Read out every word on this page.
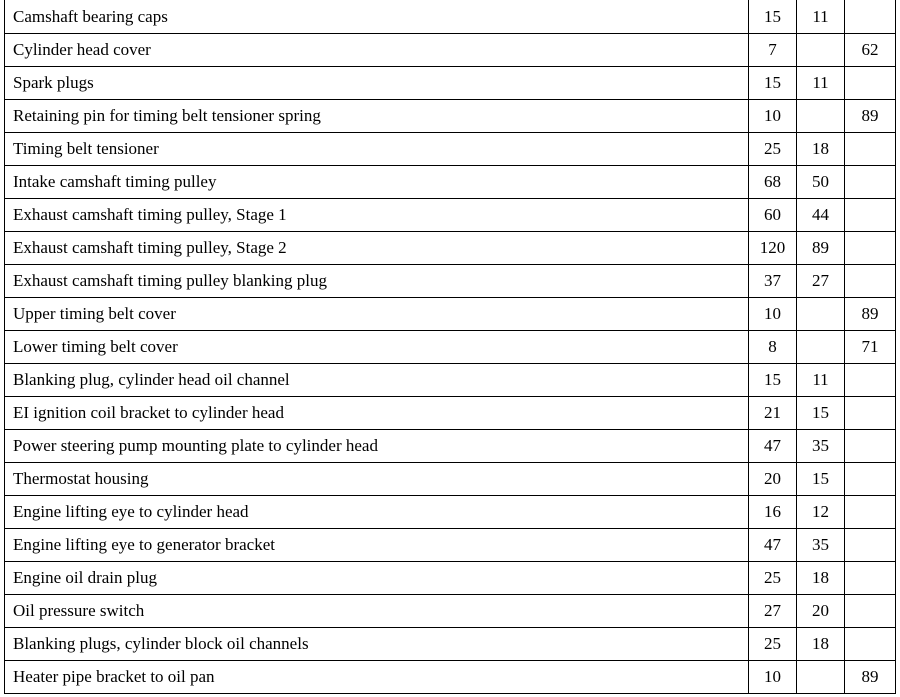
Camshaft bearing caps	15	11	
Cylinder head cover	7		62
Spark plugs	15	11	
Retaining pin for timing belt tensioner spring	10		89
Timing belt tensioner	25	18	
Intake camshaft timing pulley	68	50	
Exhaust camshaft timing pulley, Stage 1	60	44	
Exhaust camshaft timing pulley, Stage 2	120	89	
Exhaust camshaft timing pulley blanking plug	37	27	
Upper timing belt cover	10		89
Lower timing belt cover	8		71
Blanking plug, cylinder head oil channel	15	11	
EI ignition coil bracket to cylinder head	21	15	
Power steering pump mounting plate to cylinder head	47	35	
Thermostat housing	20	15	
Engine lifting eye to cylinder head	16	12	
Engine lifting eye to generator bracket	47	35	
Engine oil drain plug	25	18	
Oil pressure switch	27	20	
Blanking plugs, cylinder block oil channels	25	18	
Heater pipe bracket to oil pan	10		89
